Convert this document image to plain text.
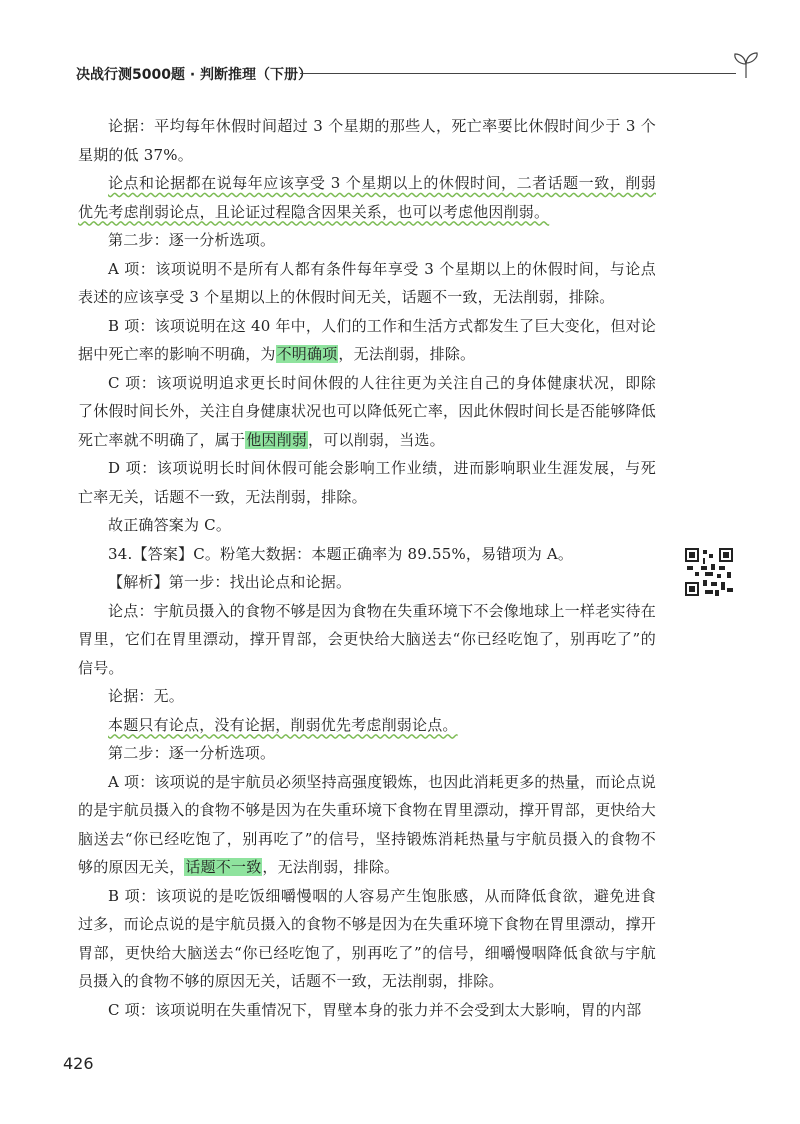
决战行测5000题 · 判断推理（下册）

论据：平均每年休假时间超过 3 个星期的那些人，死亡率要比休假时间少于 3 个星期的低 37%。

论点和论据都在说每年应该享受 3 个星期以上的休假时间，二者话题一致，削弱优先考虑削弱论点，且论证过程隐含因果关系，也可以考虑他因削弱。

第二步：逐一分析选项。

A 项：该项说明不是所有人都有条件每年享受 3 个星期以上的休假时间，与论点表述的应该享受 3 个星期以上的休假时间无关，话题不一致，无法削弱，排除。

B 项：该项说明在这 40 年中，人们的工作和生活方式都发生了巨大变化，但对论据中死亡率的影响不明确，为不明确项，无法削弱，排除。

C 项：该项说明追求更长时间休假的人往往更为关注自己的身体健康状况，即除了休假时间长外，关注自身健康状况也可以降低死亡率，因此休假时间长是否能够降低死亡率就不明确了，属于他因削弱，可以削弱，当选。

D 项：该项说明长时间休假可能会影响工作业绩，进而影响职业生涯发展，与死亡率无关，话题不一致，无法削弱，排除。

故正确答案为 C。

34.【答案】C。粉笔大数据：本题正确率为 89.55%，易错项为 A。

【解析】第一步：找出论点和论据。

论点：宇航员摄入的食物不够是因为食物在失重环境下不会像地球上一样老实待在胃里，它们在胃里漂动，撑开胃部，会更快给大脑送去“你已经吃饱了，别再吃了”的信号。

论据：无。

本题只有论点，没有论据，削弱优先考虑削弱论点。

第二步：逐一分析选项。

A 项：该项说的是宇航员必须坚持高强度锻炼，也因此消耗更多的热量，而论点说的是宇航员摄入的食物不够是因为在失重环境下食物在胃里漂动，撑开胃部，更快给大脑送去“你已经吃饱了，别再吃了”的信号，坚持锻炼消耗热量与宇航员摄入的食物不够的原因无关，话题不一致，无法削弱，排除。

B 项：该项说的是吃饭细嚼慢咽的人容易产生饱胀感，从而降低食欲，避免进食过多，而论点说的是宇航员摄入的食物不够是因为在失重环境下食物在胃里漂动，撑开胃部，更快给大脑送去“你已经吃饱了，别再吃了”的信号，细嚼慢咽降低食欲与宇航员摄入的食物不够的原因无关，话题不一致，无法削弱，排除。

C 项：该项说明在失重情况下，胃壁本身的张力并不会受到太大影响，胃的内部

426
